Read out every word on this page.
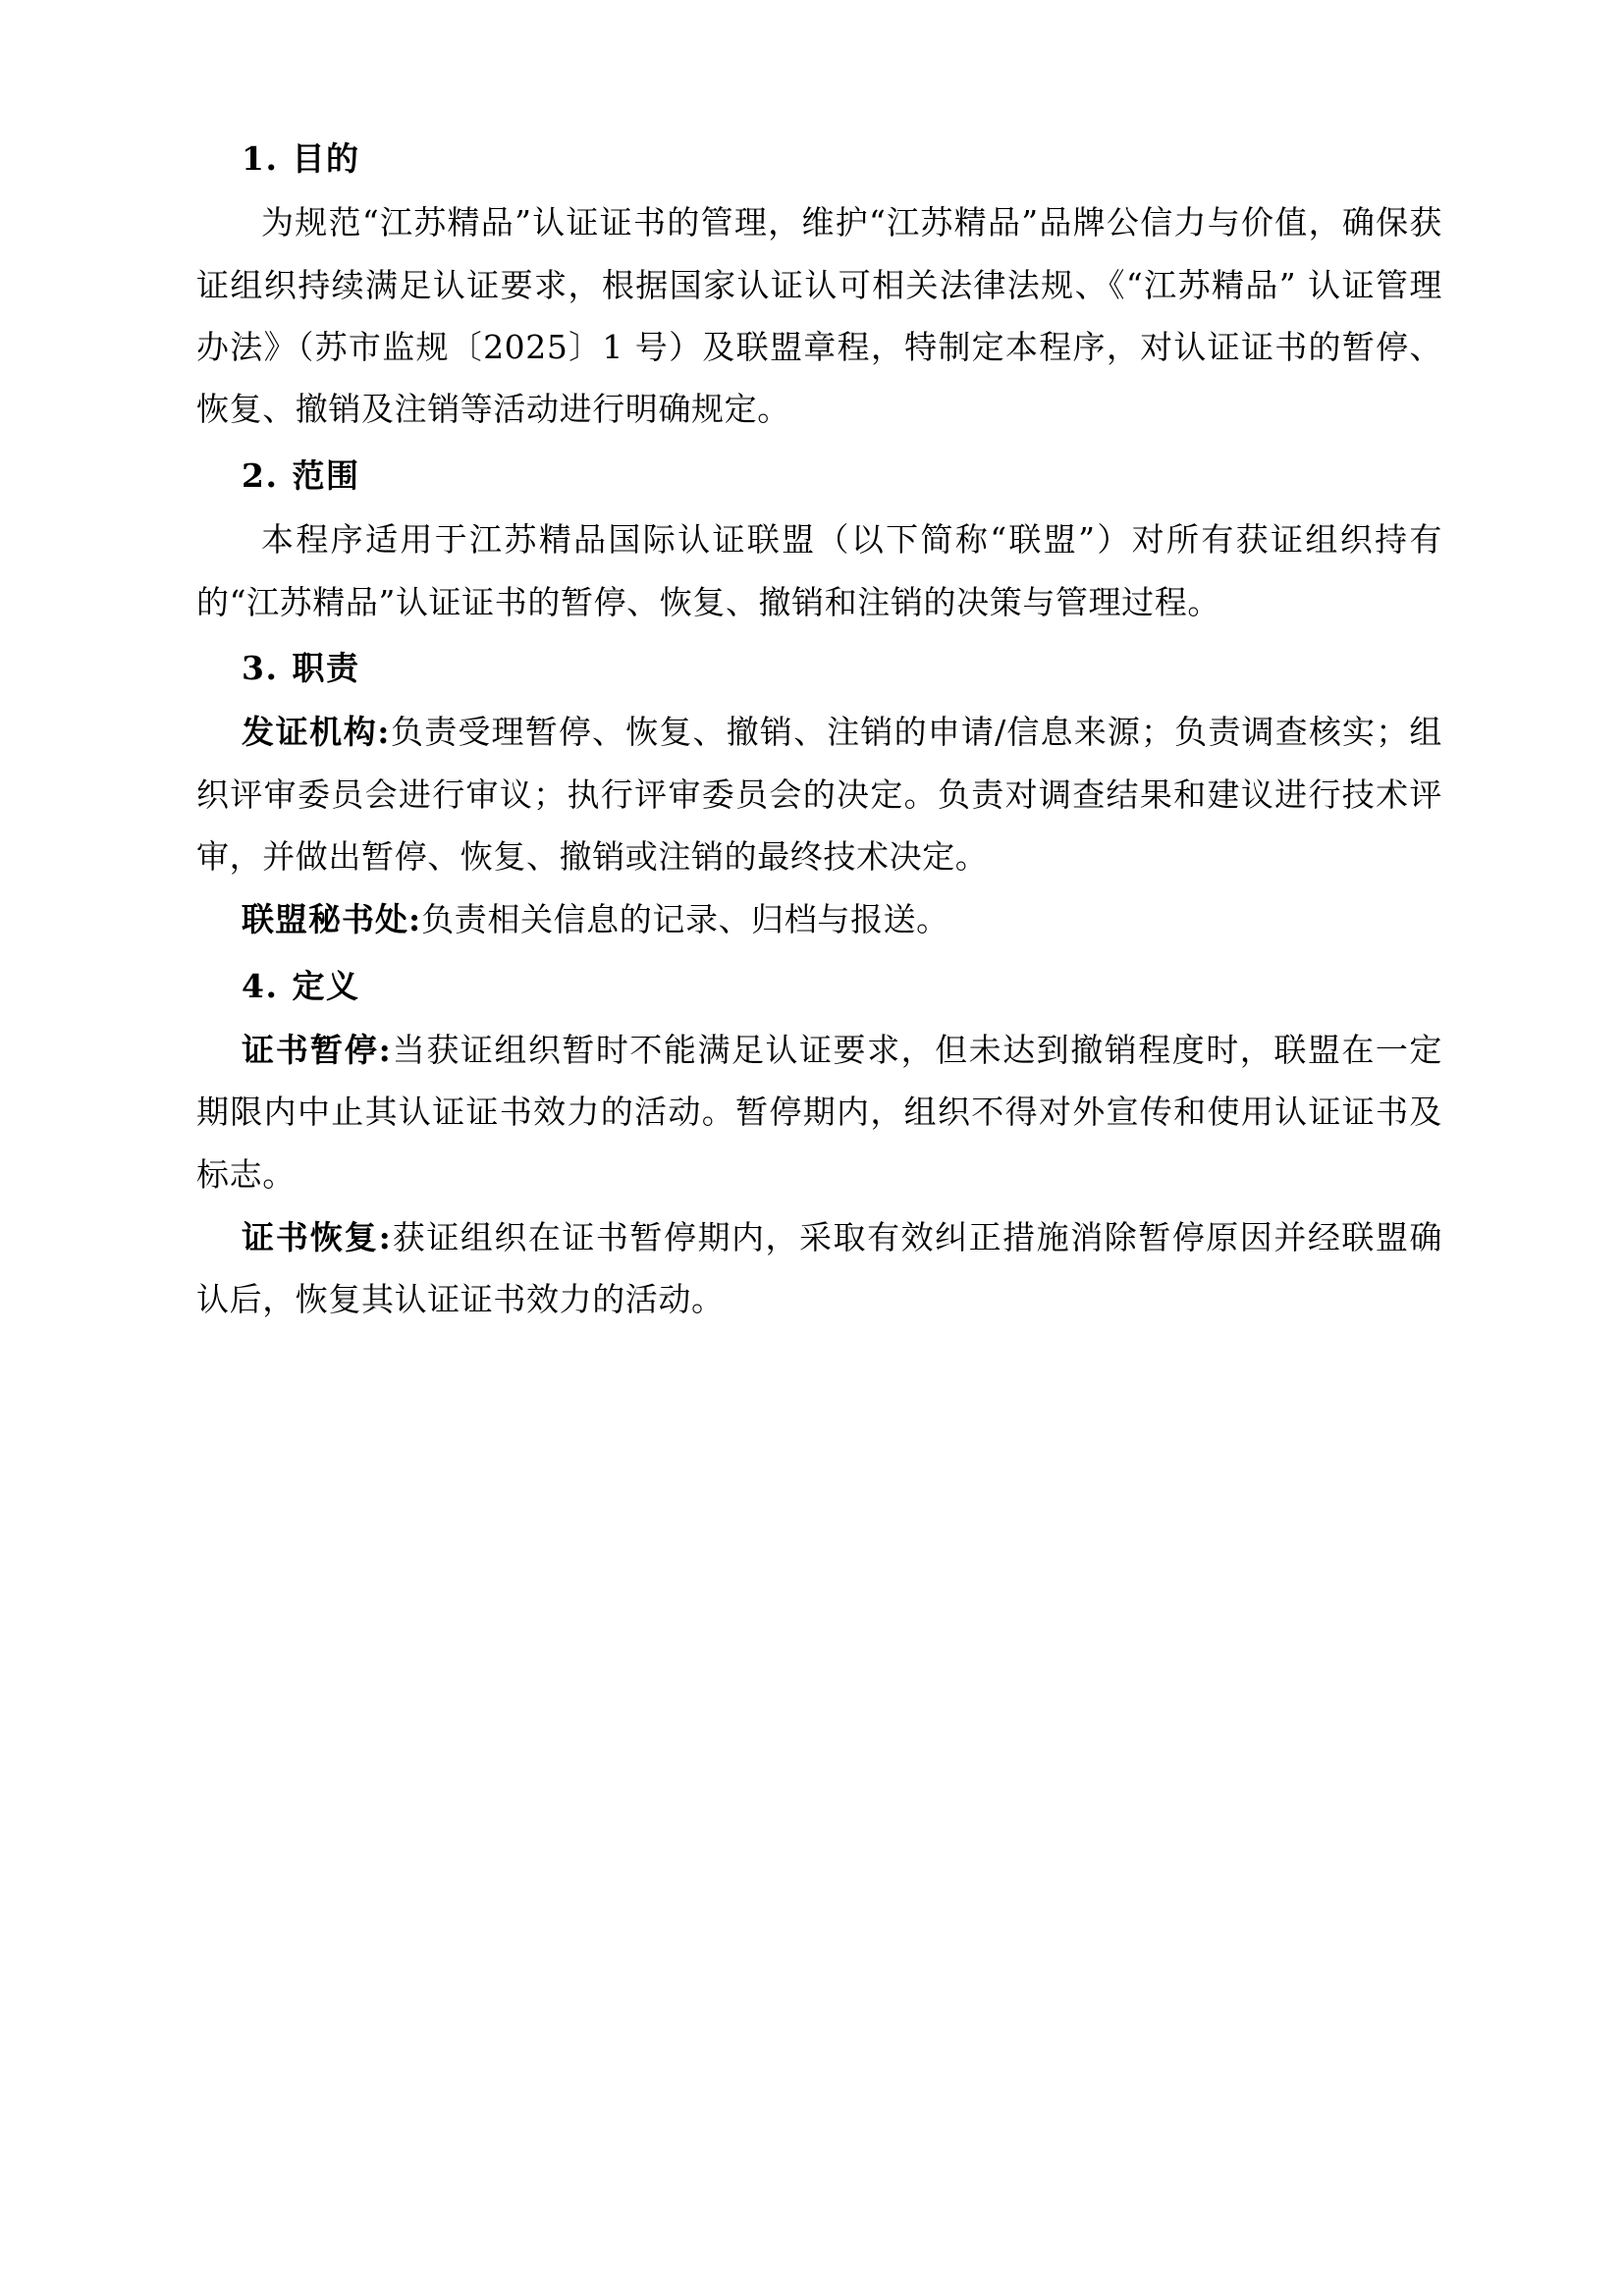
1. 目的

为规范“江苏精品”认证证书的管理，维护“江苏精品”品牌公信力与价值，确保获证组织持续满足认证要求，根据国家认证认可相关法律法规、《“江苏精品” 认证管理办法》（苏市监规〔2025〕1 号）及联盟章程，特制定本程序，对认证证书的暂停、恢复、撤销及注销等活动进行明确规定。

2. 范围

本程序适用于江苏精品国际认证联盟（以下简称“联盟”）对所有获证组织持有的“江苏精品”认证证书的暂停、恢复、撤销和注销的决策与管理过程。

3. 职责

发证机构:负责受理暂停、恢复、撤销、注销的申请/信息来源；负责调查核实；组织评审委员会进行审议；执行评审委员会的决定。负责对调查结果和建议进行技术评审，并做出暂停、恢复、撤销或注销的最终技术决定。

联盟秘书处:负责相关信息的记录、归档与报送。

4. 定义

证书暂停:当获证组织暂时不能满足认证要求，但未达到撤销程度时，联盟在一定期限内中止其认证证书效力的活动。暂停期内，组织不得对外宣传和使用认证证书及标志。

证书恢复:获证组织在证书暂停期内，采取有效纠正措施消除暂停原因并经联盟确认后，恢复其认证证书效力的活动。
